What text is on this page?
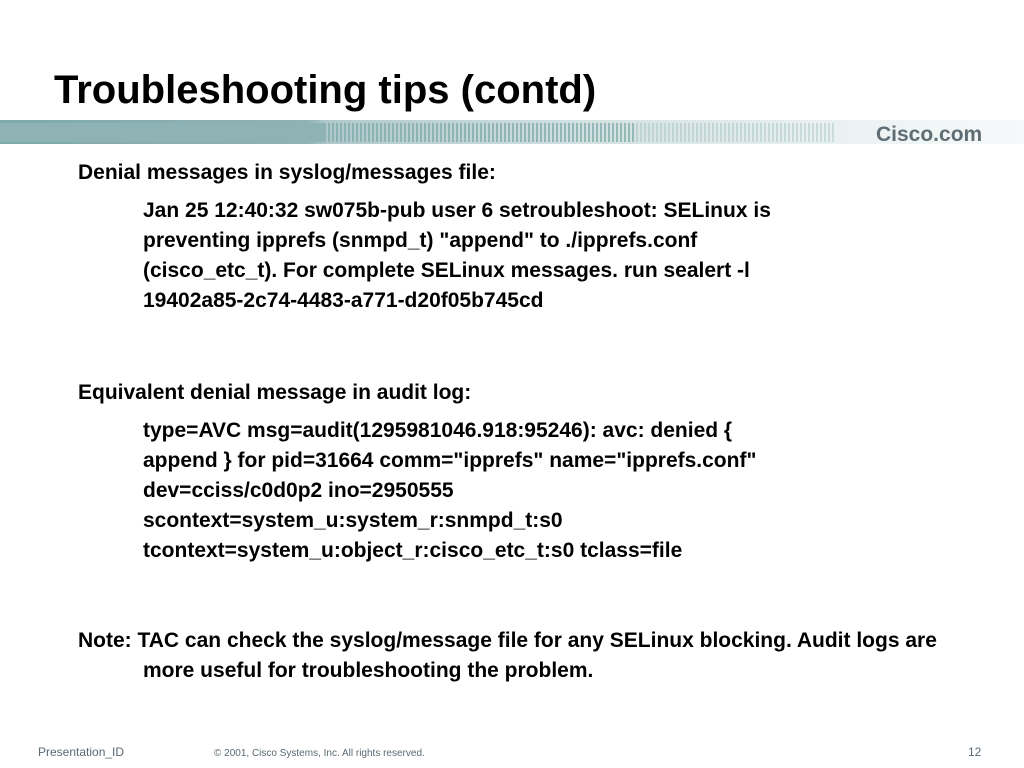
Troubleshooting tips (contd)
Cisco.com

Denial messages in syslog/messages file:

Jan 25 12:40:32 sw075b-pub user 6 setroubleshoot: SELinux is
preventing ipprefs (snmpd_t) "append" to ./ipprefs.conf
(cisco_etc_t). For complete SELinux messages. run sealert -l
19402a85-2c74-4483-a771-d20f05b745cd

Equivalent denial message in audit log:

type=AVC msg=audit(1295981046.918:95246): avc: denied {
append } for pid=31664 comm="ipprefs" name="ipprefs.conf"
dev=cciss/c0d0p2 ino=2950555
scontext=system_u:system_r:snmpd_t:s0
tcontext=system_u:object_r:cisco_etc_t:s0 tclass=file

Note: TAC can check the syslog/message file for any SELinux blocking. Audit logs are more useful for troubleshooting the problem.

Presentation_ID	© 2001, Cisco Systems, Inc. All rights reserved.	12
